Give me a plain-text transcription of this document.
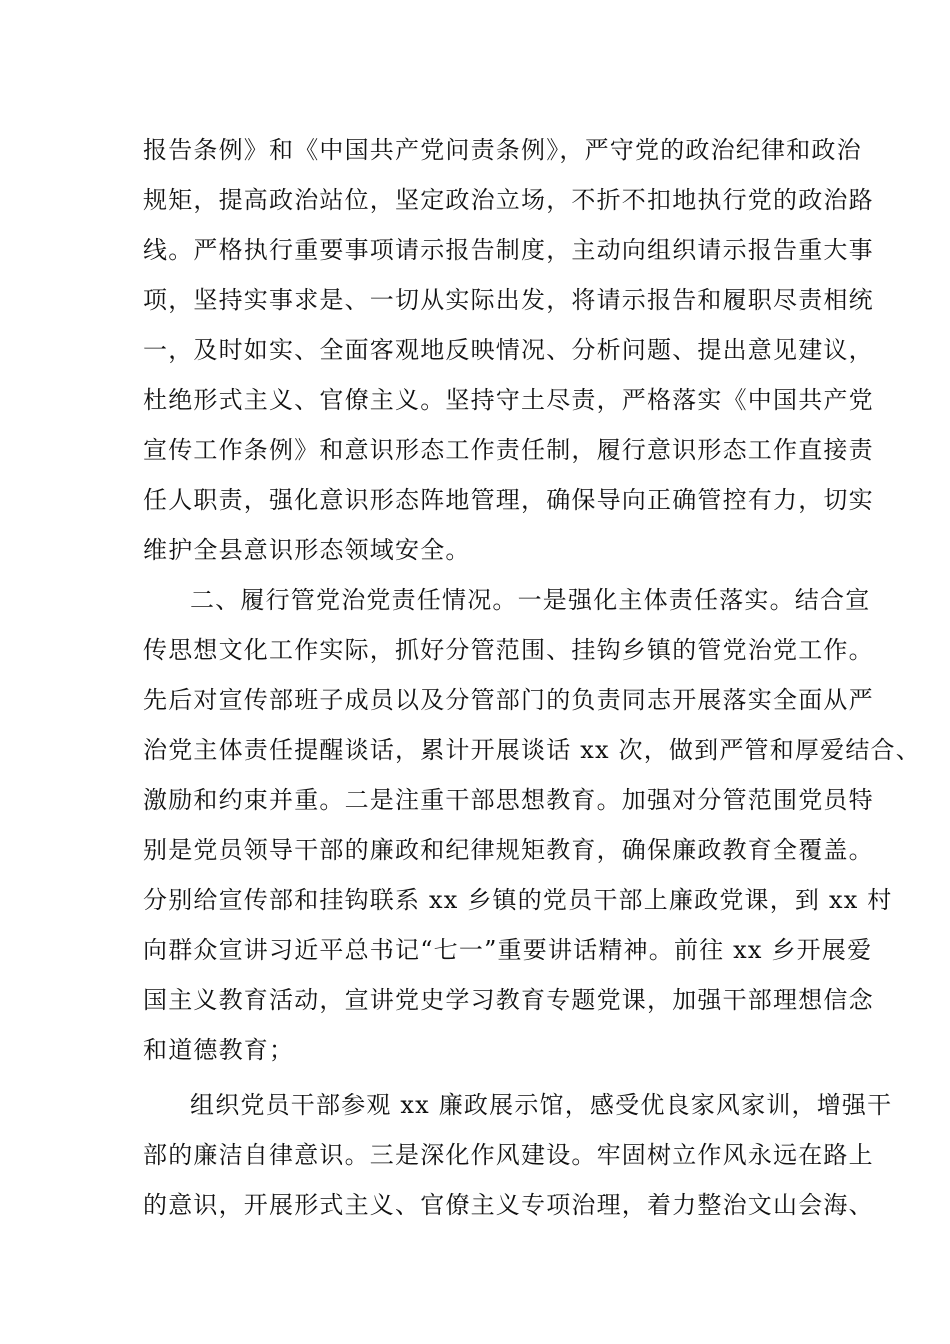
报告条例》和《中国共产党问责条例》，严守党的政治纪律和政治
规矩，提高政治站位，坚定政治立场，不折不扣地执行党的政治路
线。严格执行重要事项请示报告制度，主动向组织请示报告重大事
项，坚持实事求是、一切从实际出发，将请示报告和履职尽责相统
一，及时如实、全面客观地反映情况、分析问题、提出意见建议，
杜绝形式主义、官僚主义。坚持守土尽责，严格落实《中国共产党
宣传工作条例》和意识形态工作责任制，履行意识形态工作直接责
任人职责，强化意识形态阵地管理，确保导向正确管控有力，切实
维护全县意识形态领域安全。
二、履行管党治党责任情况。一是强化主体责任落实。结合宣
传思想文化工作实际，抓好分管范围、挂钩乡镇的管党治党工作。
先后对宣传部班子成员以及分管部门的负责同志开展落实全面从严
治党主体责任提醒谈话，累计开展谈话 xx 次，做到严管和厚爱结合、
激励和约束并重。二是注重干部思想教育。加强对分管范围党员特
别是党员领导干部的廉政和纪律规矩教育，确保廉政教育全覆盖。
分别给宣传部和挂钩联系 xx 乡镇的党员干部上廉政党课，到 xx 村
向群众宣讲习近平总书记“七一”重要讲话精神。前往 xx 乡开展爱
国主义教育活动，宣讲党史学习教育专题党课，加强干部理想信念
和道德教育；
组织党员干部参观 xx 廉政展示馆，感受优良家风家训，增强干
部的廉洁自律意识。三是深化作风建设。牢固树立作风永远在路上
的意识，开展形式主义、官僚主义专项治理，着力整治文山会海、
